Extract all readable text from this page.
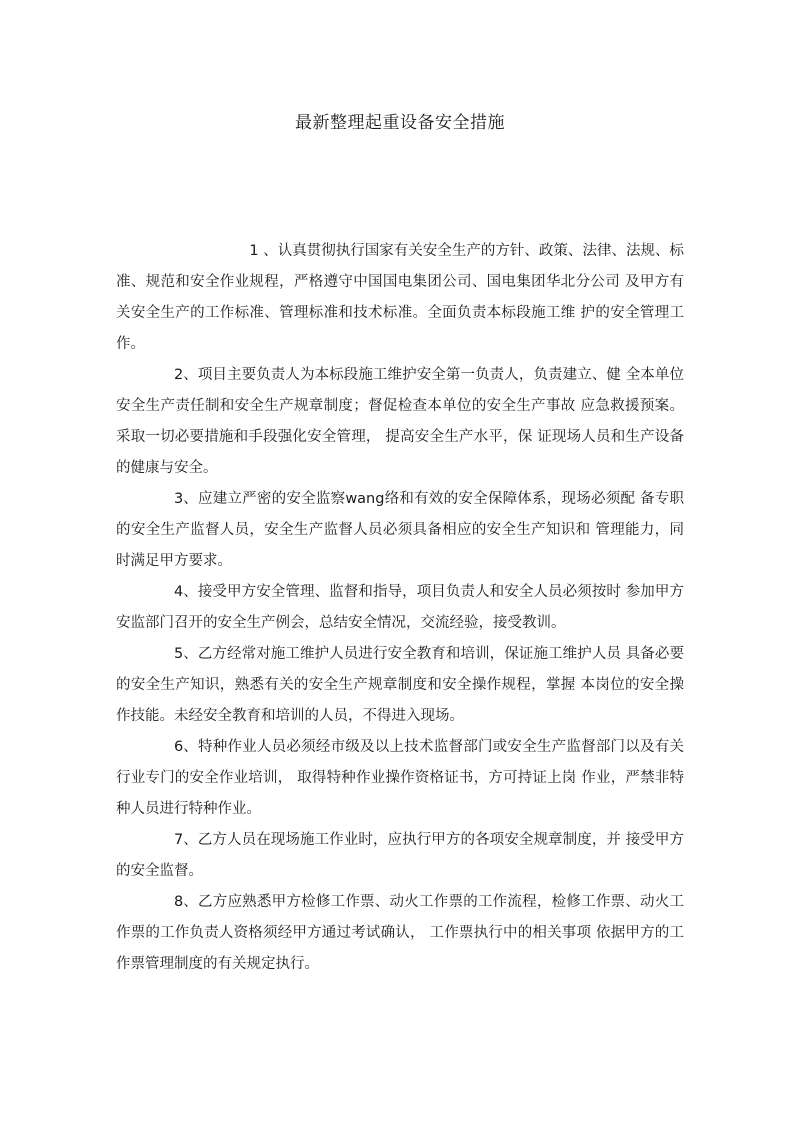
最新整理起重设备安全措施

1 、认真贯彻执行国家有关安全生产的方针、政策、法律、法规、标准、规范和安全作业规程，严格遵守中国国电集团公司、国电集团华北分公司 及甲方有关安全生产的工作标准、管理标准和技术标准。全面负责本标段施工维 护的安全管理工作。

2、项目主要负责人为本标段施工维护安全第一负责人，负责建立、健 全本单位安全生产责任制和安全生产规章制度；督促检查本单位的安全生产事故 应急救援预案。采取一切必要措施和手段强化安全管理， 提高安全生产水平，保 证现场人员和生产设备的健康与安全。

3、应建立严密的安全监察wang络和有效的安全保障体系，现场必须配 备专职的安全生产监督人员，安全生产监督人员必须具备相应的安全生产知识和 管理能力，同时满足甲方要求。

4、接受甲方安全管理、监督和指导，项目负责人和安全人员必须按时 参加甲方安监部门召开的安全生产例会，总结安全情况，交流经验，接受教训。

5、乙方经常对施工维护人员进行安全教育和培训，保证施工维护人员 具备必要的安全生产知识，熟悉有关的安全生产规章制度和安全操作规程，掌握 本岗位的安全操作技能。未经安全教育和培训的人员，不得进入现场。

6、特种作业人员必须经市级及以上技术监督部门或安全生产监督部门以及有关行业专门的安全作业培训， 取得特种作业操作资格证书，方可持证上岗 作业，严禁非特种人员进行特种作业。

7、乙方人员在现场施工作业时，应执行甲方的各项安全规章制度，并 接受甲方的安全监督。

8、乙方应熟悉甲方检修工作票、动火工作票的工作流程，检修工作票、动火工作票的工作负责人资格须经甲方通过考试确认， 工作票执行中的相关事项 依据甲方的工作票管理制度的有关规定执行。
